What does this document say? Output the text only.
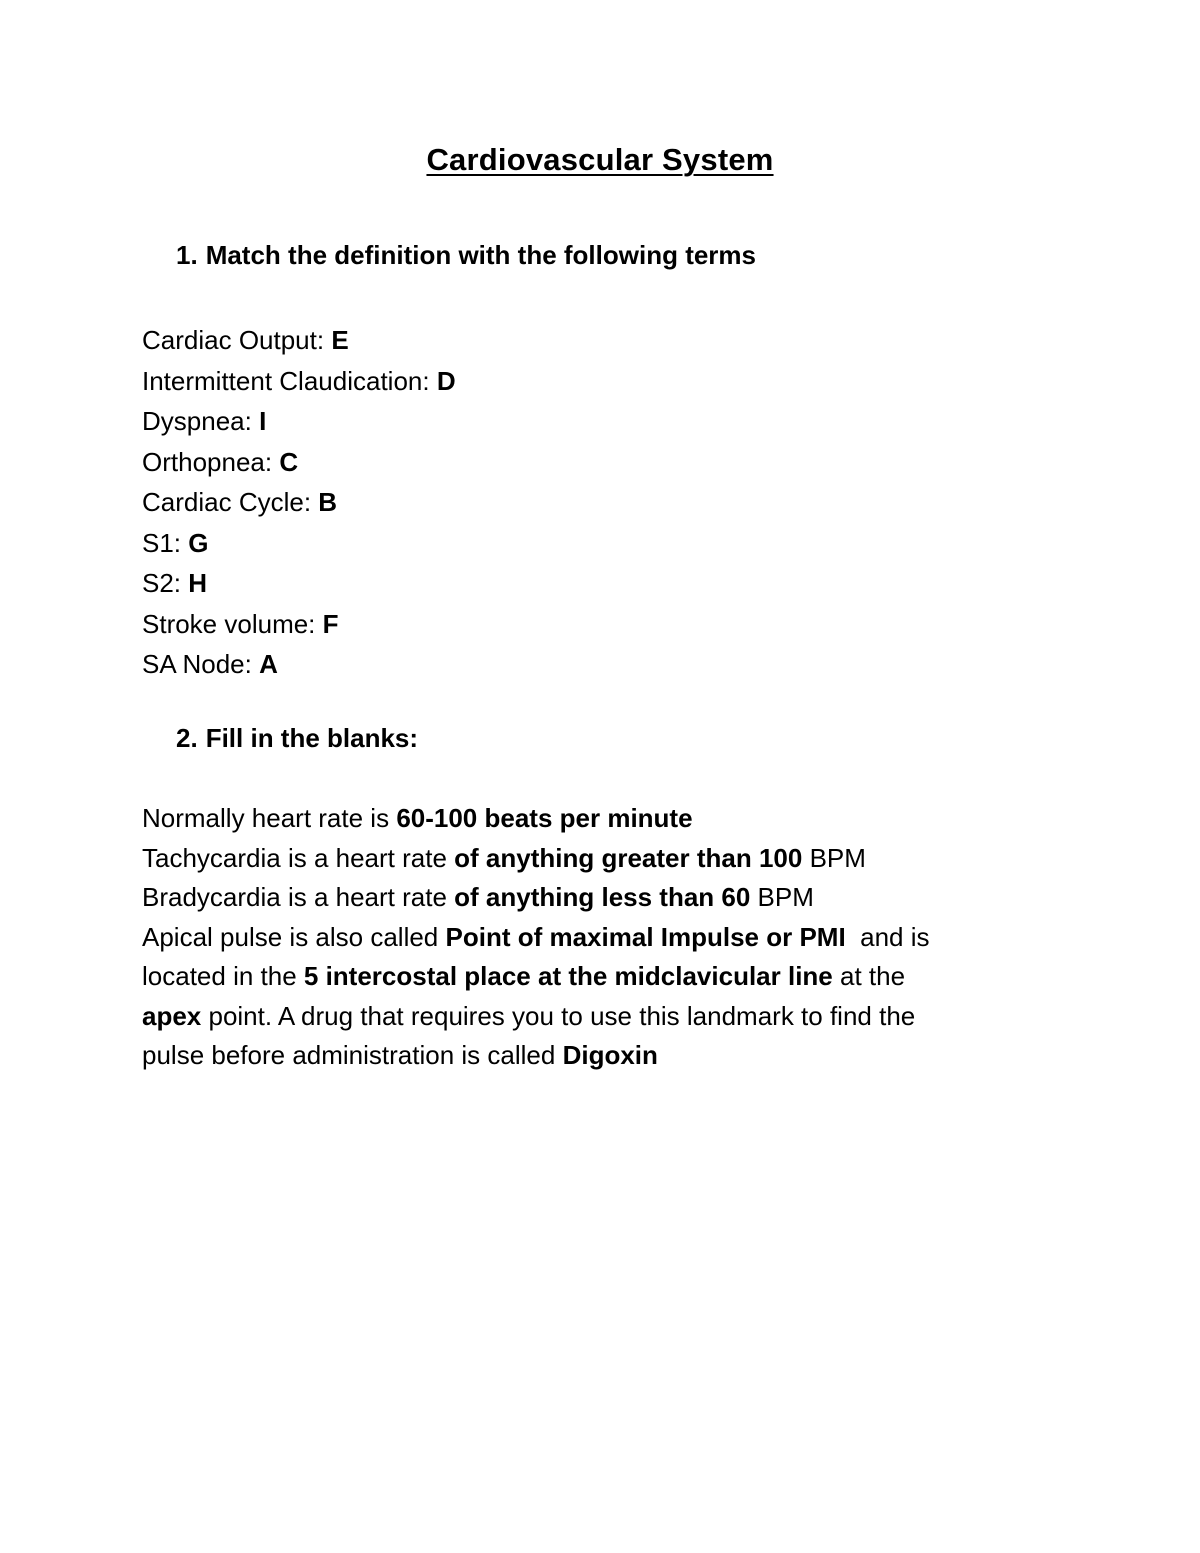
Cardiovascular System
1. Match the definition with the following terms
Cardiac Output: E
Intermittent Claudication: D
Dyspnea: I
Orthopnea: C
Cardiac Cycle: B
S1: G
S2: H
Stroke volume: F
SA Node: A
2. Fill in the blanks:
Normally heart rate is 60-100 beats per minute
Tachycardia is a heart rate of anything greater than 100 BPM
Bradycardia is a heart rate of anything less than 60 BPM
Apical pulse is also called Point of maximal Impulse or PMI  and is
located in the 5 intercostal place at the midclavicular line at the
apex point. A drug that requires you to use this landmark to find the
pulse before administration is called Digoxin
